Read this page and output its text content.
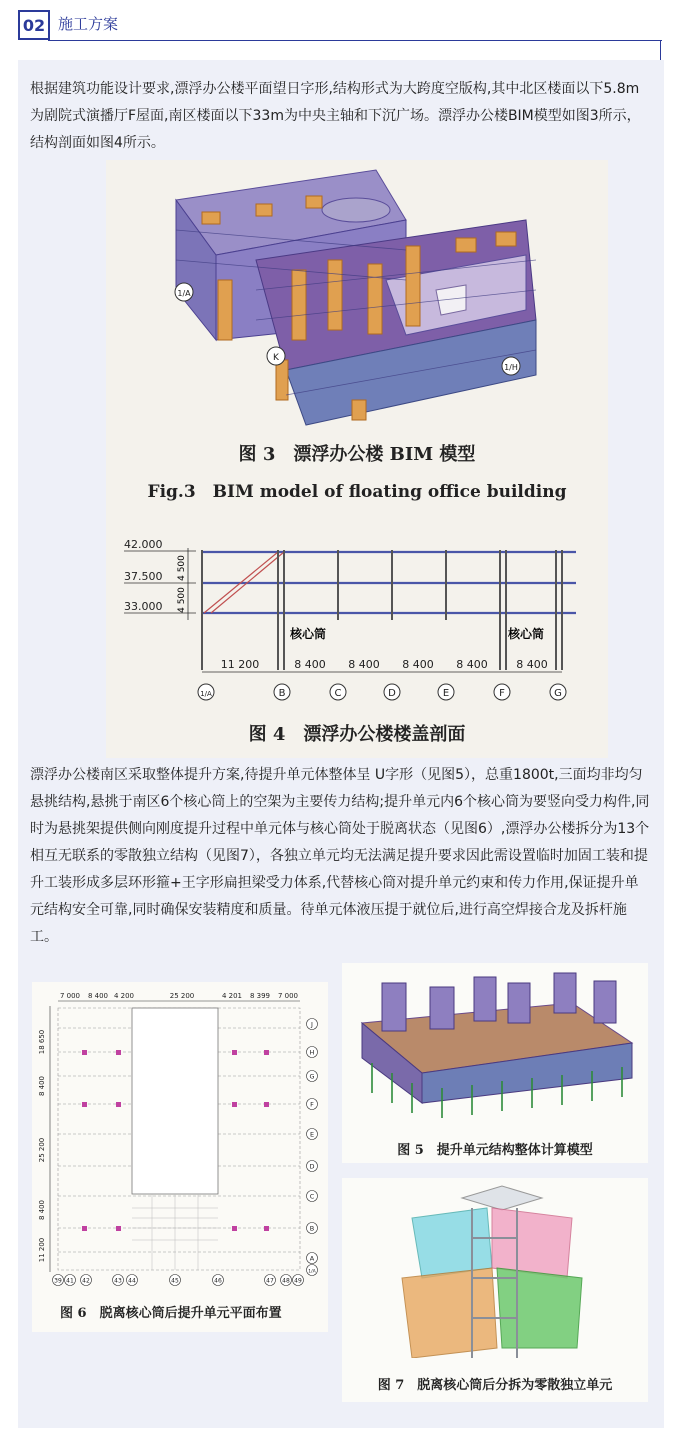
02 施工方案
根据建筑功能设计要求,漂浮办公楼平面望日字形,结构形式为大跨度空版构,其中北区楼面以下5.8m为剧院式演播厅F屋面,南区楼面以下33m为中央主轴和下沉广场。漂浮办公楼BIM模型如图3所示，结构剖面如图4所示。
1/A
K
1/H
图 3　漂浮办公楼 BIM 模型
Fig.3　BIM model of floating office building
42.000
37.500
33.000
4 500
4 500
核心筒	核心筒
11 200	8 400 8 400 8 400 8 400	8 400
1/A	B	C	D	E	F	G
图 4　漂浮办公楼楼盖剖面
漂浮办公楼南区采取整体提升方案,待提升单元体整体呈 U字形（见图5），总重1800t,三面均非均匀悬挑结构,悬挑于南区6个核心筒上的空架为主要传力结构;提升单元内6个核心筒为要竖向受力构件,同时为悬挑架提供侧向刚度提升过程中单元体与核心筒处于脱离状态（见图6）,漂浮办公楼拆分为13个相互无联系的零散独立结构（见图7），各独立单元均无法满足提升要求因此需设置临时加固工装和提升工装形成多层环形箍+王字形扁担梁受力体系,代替核心筒对提升单元约束和传力作用,保证提升单元结构安全可靠,同时确保安装精度和质量。待单元体液压提于就位后,进行高空焊接合龙及拆杆施工。
7 000 8 400 4 200	25 200	4 201 8 399 7 000
18 650
8 400
25 200
8 400
11 200
J
H
G
F
E
D
C
B
A
1/A
39 41 42	43 44	45	46	47 48 49
图 6　脱离核心筒后提升单元平面布置
图 5　提升单元结构整体计算模型
图 7　脱离核心筒后分拆为零散独立单元
